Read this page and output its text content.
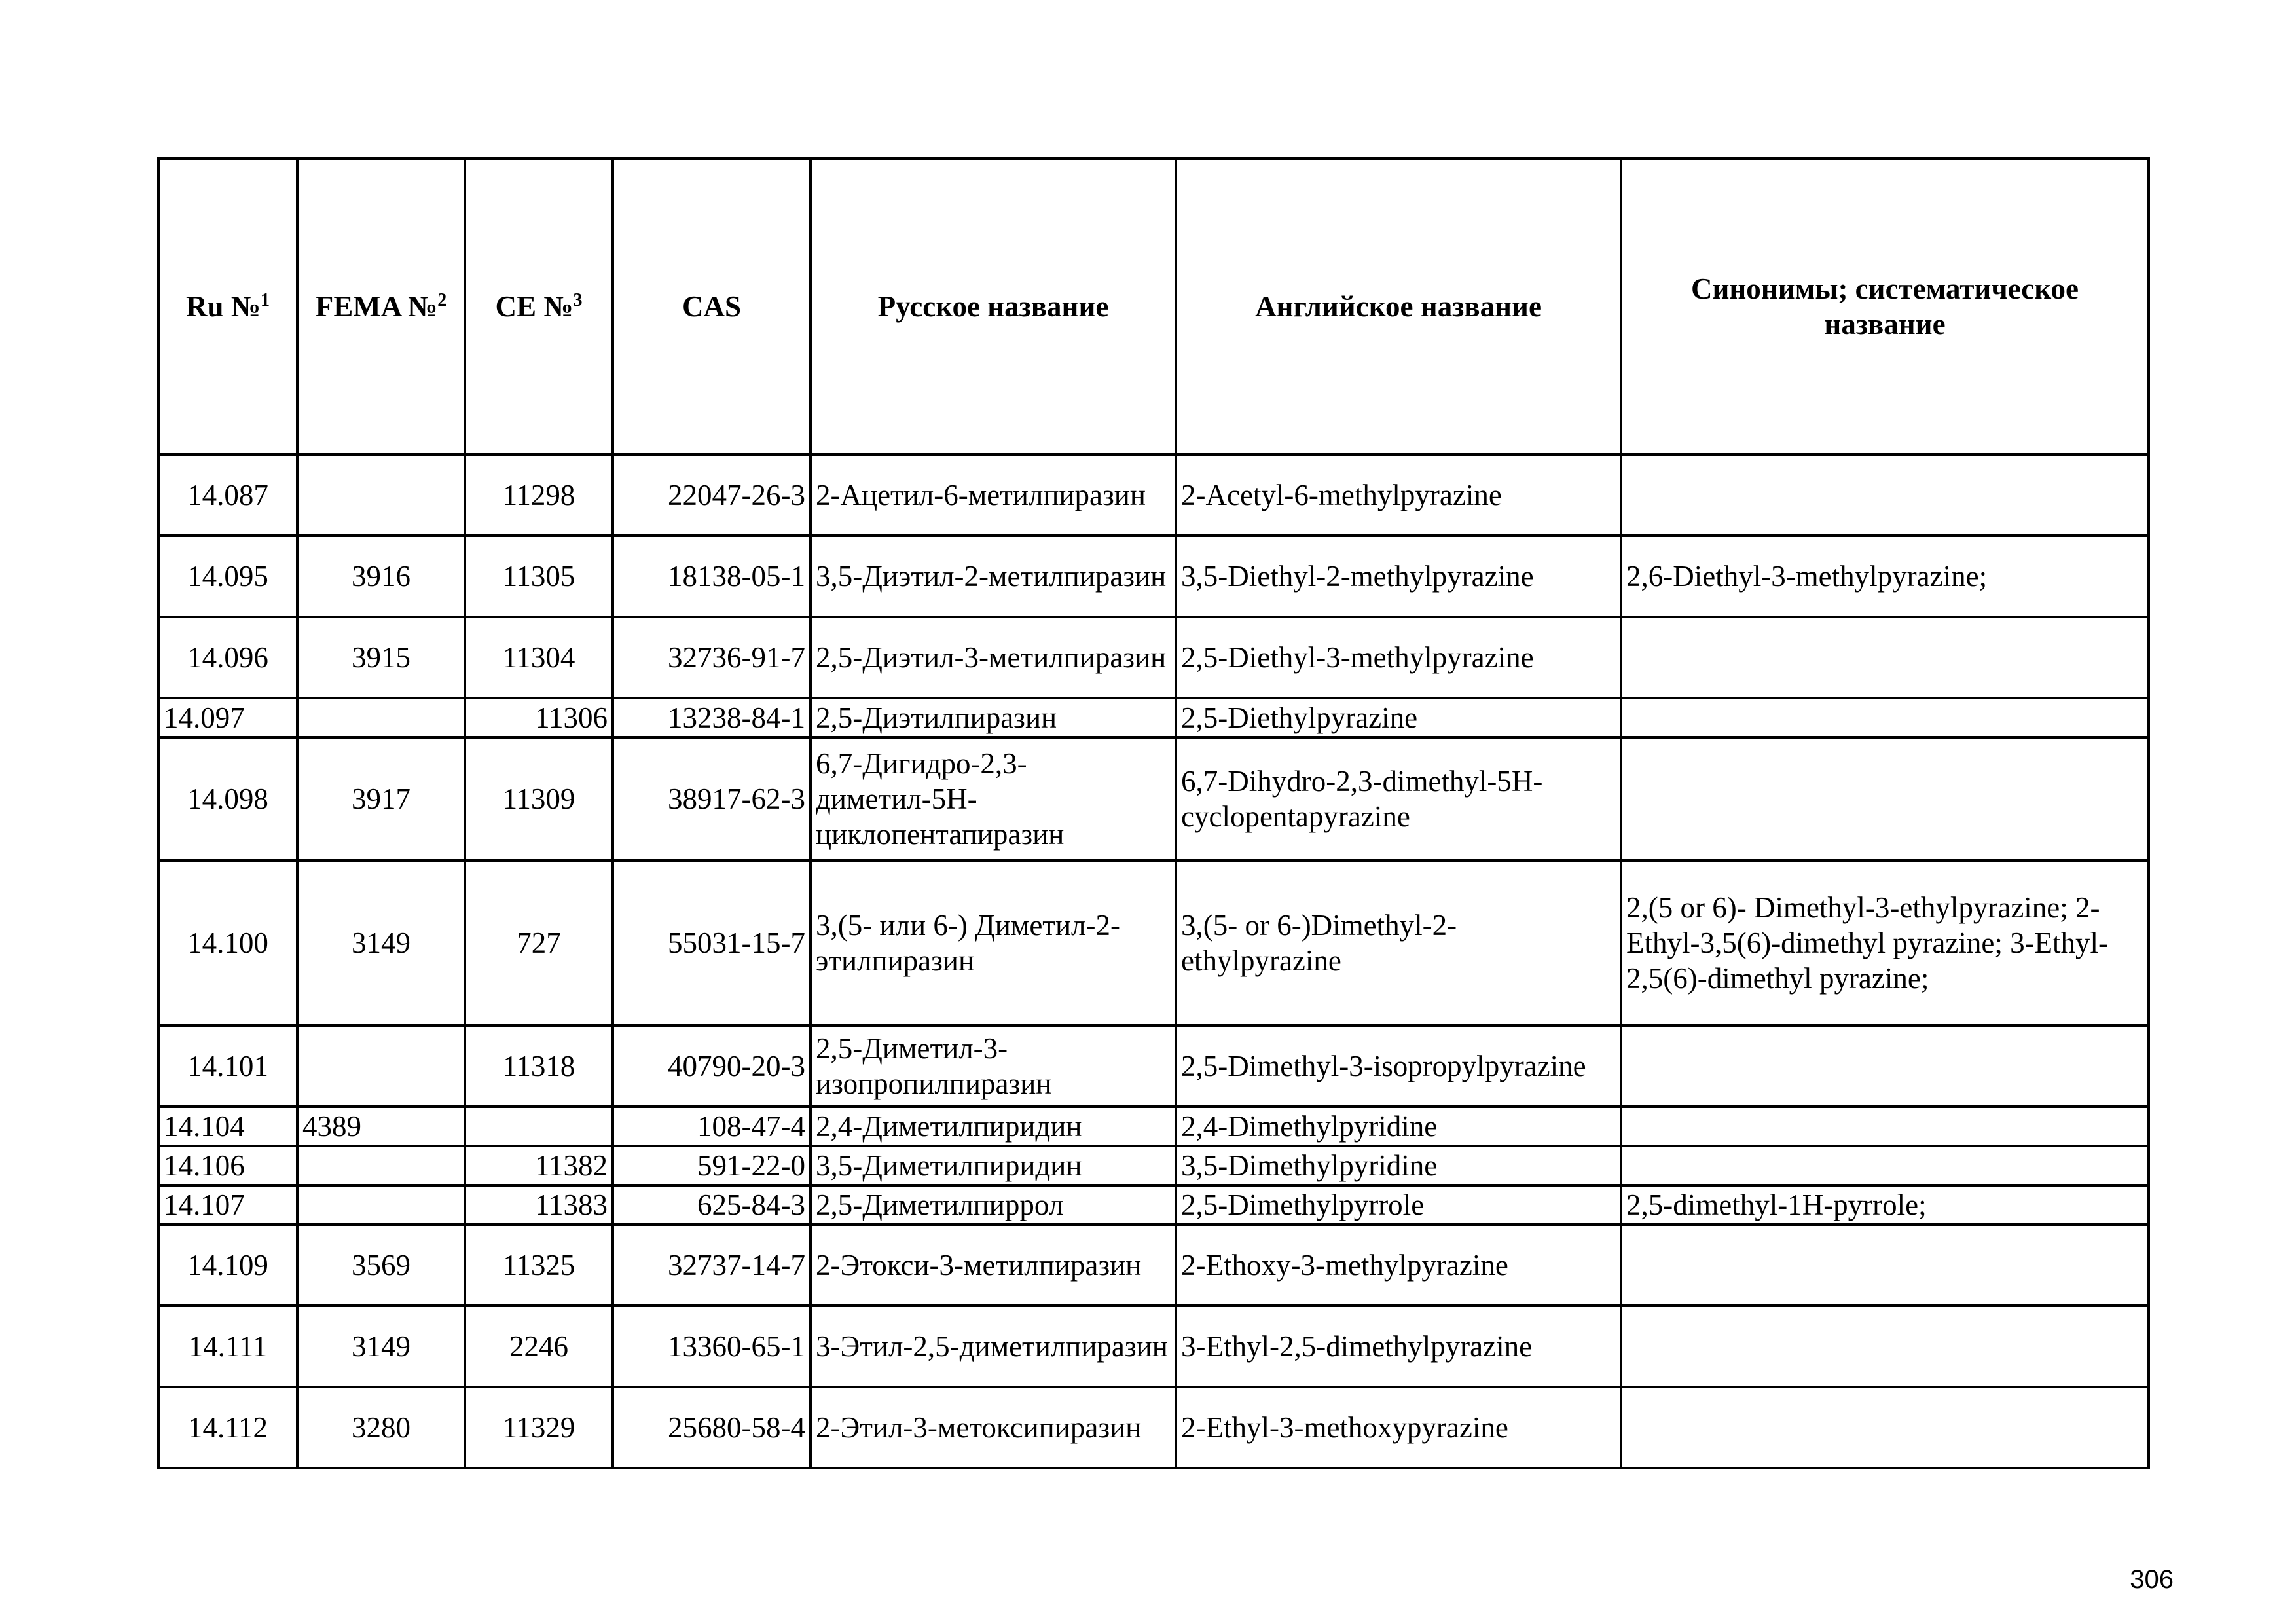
Ru №$^1$	FEMA №$^2$	CE №$^3$	CAS	Русское название	Английское название	Синонимы; систематическое название
14.087		11298	22047-26-3	2-Ацетил-6-метилпиразин	2-Acetyl-6-methylpyrazine	
14.095	3916	11305	18138-05-1	3,5-Диэтил-2-метилпиразин	3,5-Diethyl-2-methylpyrazine	2,6-Diethyl-3-methylpyrazine;
14.096	3915	11304	32736-91-7	2,5-Диэтил-3-метилпиразин	2,5-Diethyl-3-methylpyrazine	
14.097		11306	13238-84-1	2,5-Диэтилпиразин	2,5-Diethylpyrazine	
14.098	3917	11309	38917-62-3	6,7-Дигидро-2,3-диметил-5H-циклопентапиразин	6,7-Dihydro-2,3-dimethyl-5H-cyclopentapyrazine	
14.100	3149	727	55031-15-7	3,(5- или 6-) Диметил-2-этилпиразин	3,(5- or 6-)Dimethyl-2-ethylpyrazine	2,(5 or 6)- Dimethyl-3-ethylpyrazine; 2-Ethyl-3,5(6)-dimethyl pyrazine; 3-Ethyl-2,5(6)-dimethyl pyrazine;
14.101		11318	40790-20-3	2,5-Диметил-3-изопропилпиразин	2,5-Dimethyl-3-isopropylpyrazine	
14.104	4389		108-47-4	2,4-Диметилпиридин	2,4-Dimethylpyridine	
14.106		11382	591-22-0	3,5-Диметилпиридин	3,5-Dimethylpyridine	
14.107		11383	625-84-3	2,5-Диметилпиррол	2,5-Dimethylpyrrole	2,5-dimethyl-1H-pyrrole;
14.109	3569	11325	32737-14-7	2-Этокси-3-метилпиразин	2-Ethoxy-3-methylpyrazine	
14.111	3149	2246	13360-65-1	3-Этил-2,5-диметилпиразин	3-Ethyl-2,5-dimethylpyrazine	
14.112	3280	11329	25680-58-4	2-Этил-3-метоксипиразин	2-Ethyl-3-methoxypyrazine	
306
